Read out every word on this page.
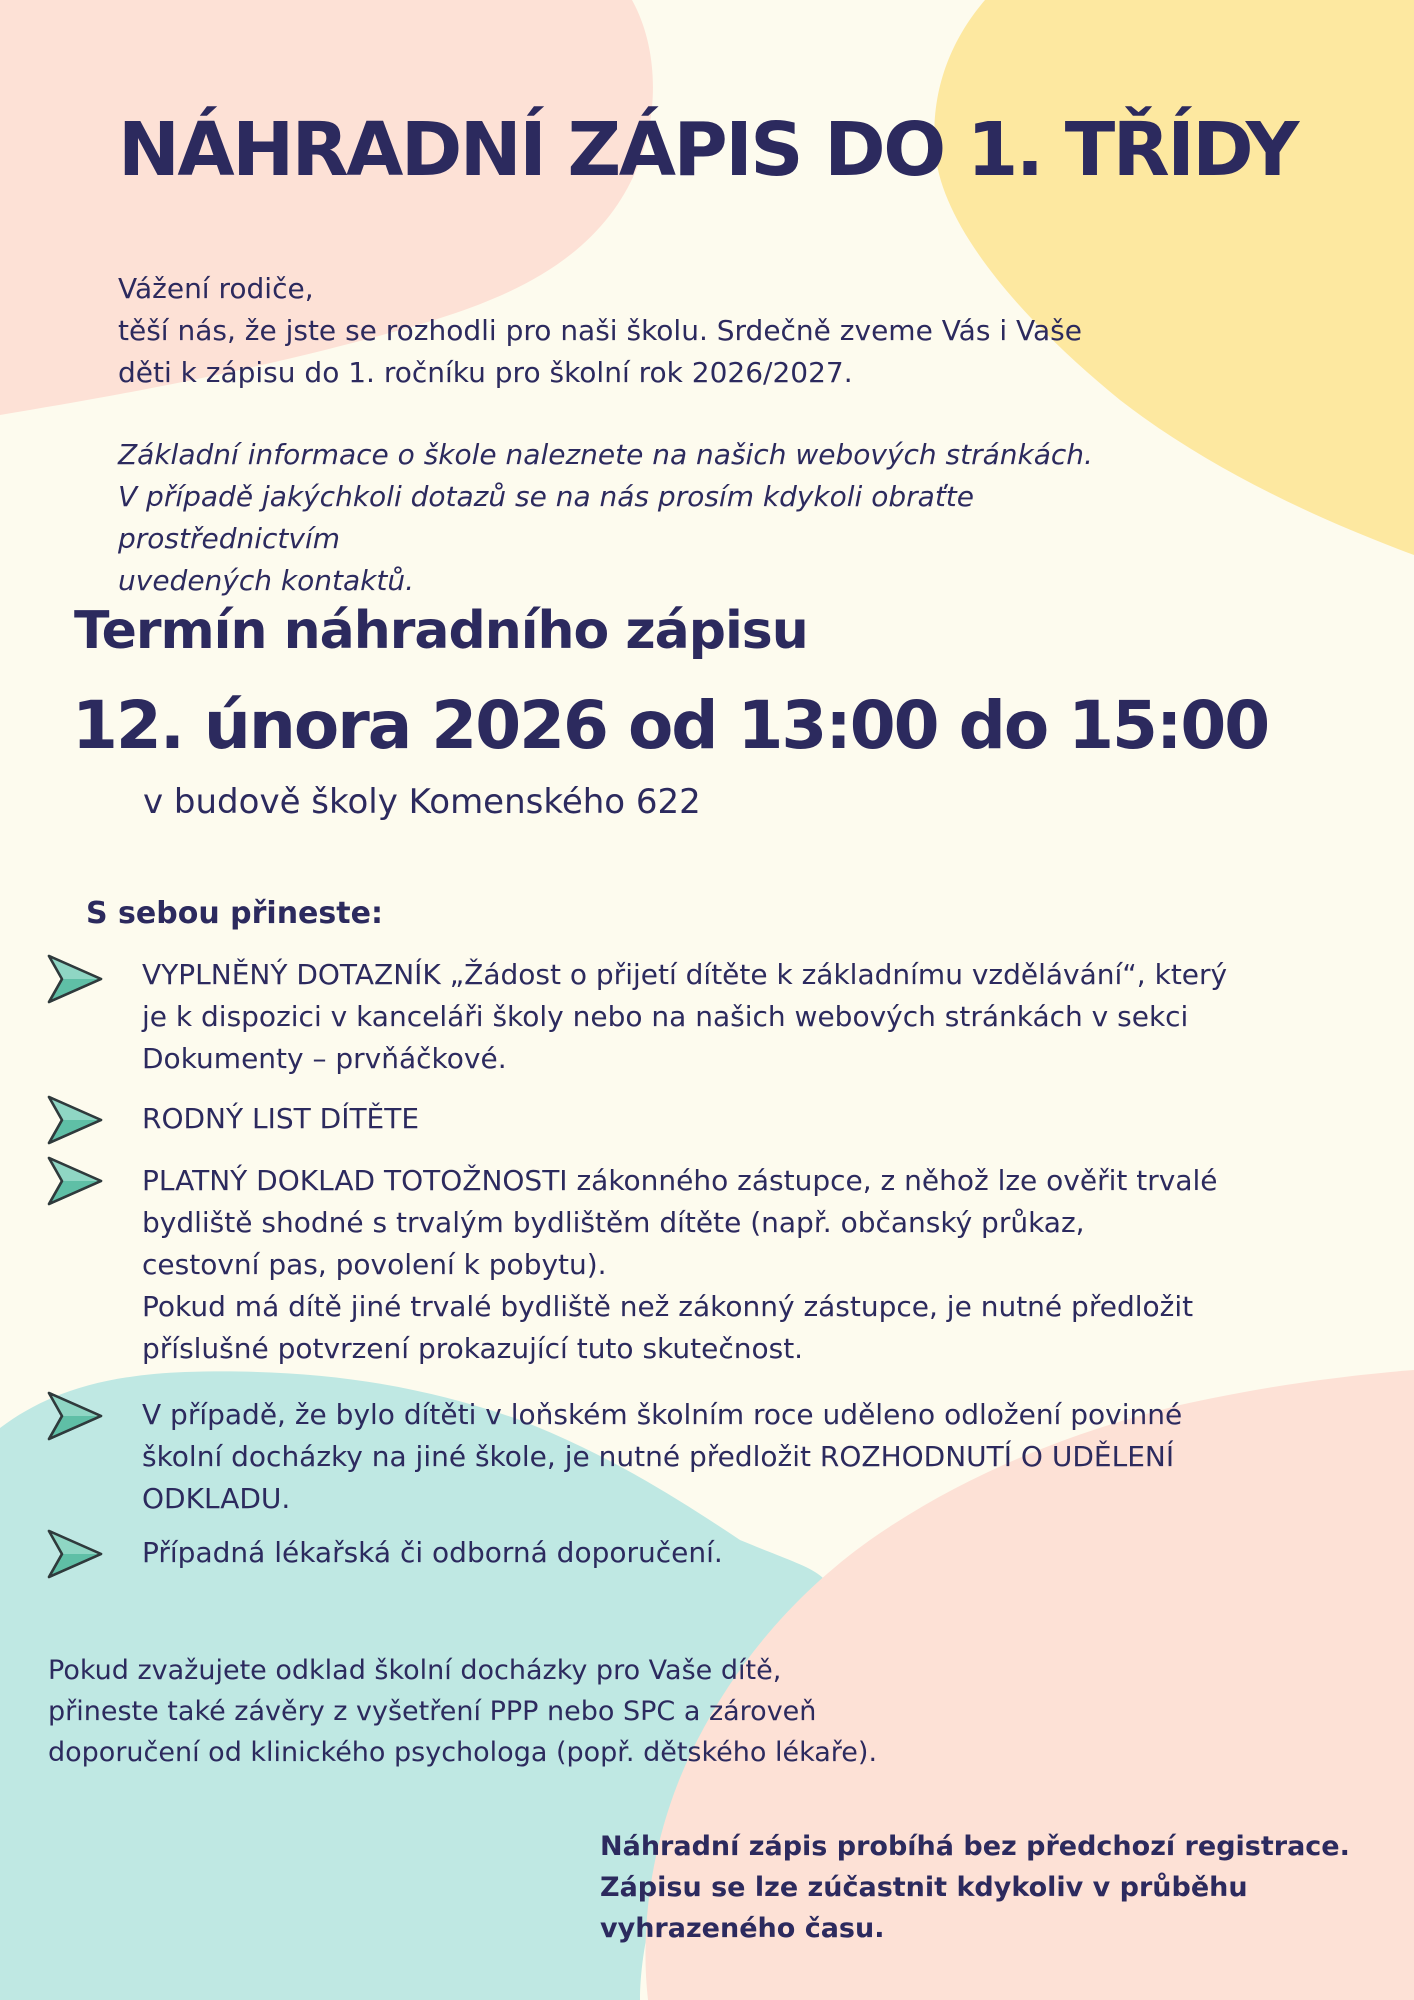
NÁHRADNÍ ZÁPIS DO 1. TŘÍDY

Vážení rodiče,

těší nás, že jste se rozhodli pro naši školu. Srdečně zveme Vás i Vaše

děti k zápisu do 1. ročníku pro školní rok 2026/2027.

Základní informace o škole naleznete na našich webových stránkách.

V případě jakýchkoli dotazů se na nás prosím kdykoli obraťte prostřednictvím

uvedených kontaktů.

Termín náhradního zápisu
12. února 2026 od 13:00 do 15:00
v budově školy Komenského 622
S sebou přineste:
VYPLNĚNÝ DOTAZNÍK „Žádost o přijetí dítěte k základnímu vzdělávání“, který
je k dispozici v kanceláři školy nebo na našich webových stránkách v sekci
Dokumenty – prvňáčkové.
RODNÝ LIST DÍTĚTE
PLATNÝ DOKLAD TOTOŽNOSTI zákonného zástupce, z něhož lze ověřit trvalé
bydliště shodné s trvalým bydlištěm dítěte (např. občanský průkaz,
cestovní pas, povolení k pobytu).
Pokud má dítě jiné trvalé bydliště než zákonný zástupce, je nutné předložit
příslušné potvrzení prokazující tuto skutečnost.
V případě, že bylo dítěti v loňském školním roce uděleno odložení povinné
školní docházky na jiné škole, je nutné předložit ROZHODNUTÍ O UDĚLENÍ
ODKLADU.
Případná lékařská či odborná doporučení.
Pokud zvažujete odklad školní docházky pro Vaše dítě,
přineste také závěry z vyšetření PPP nebo SPC a zároveň
doporučení od klinického psychologa (popř. dětského lékaře).
Náhradní zápis probíhá bez předchozí registrace.
Zápisu se lze zúčastnit kdykoliv v průběhu
vyhrazeného času.
